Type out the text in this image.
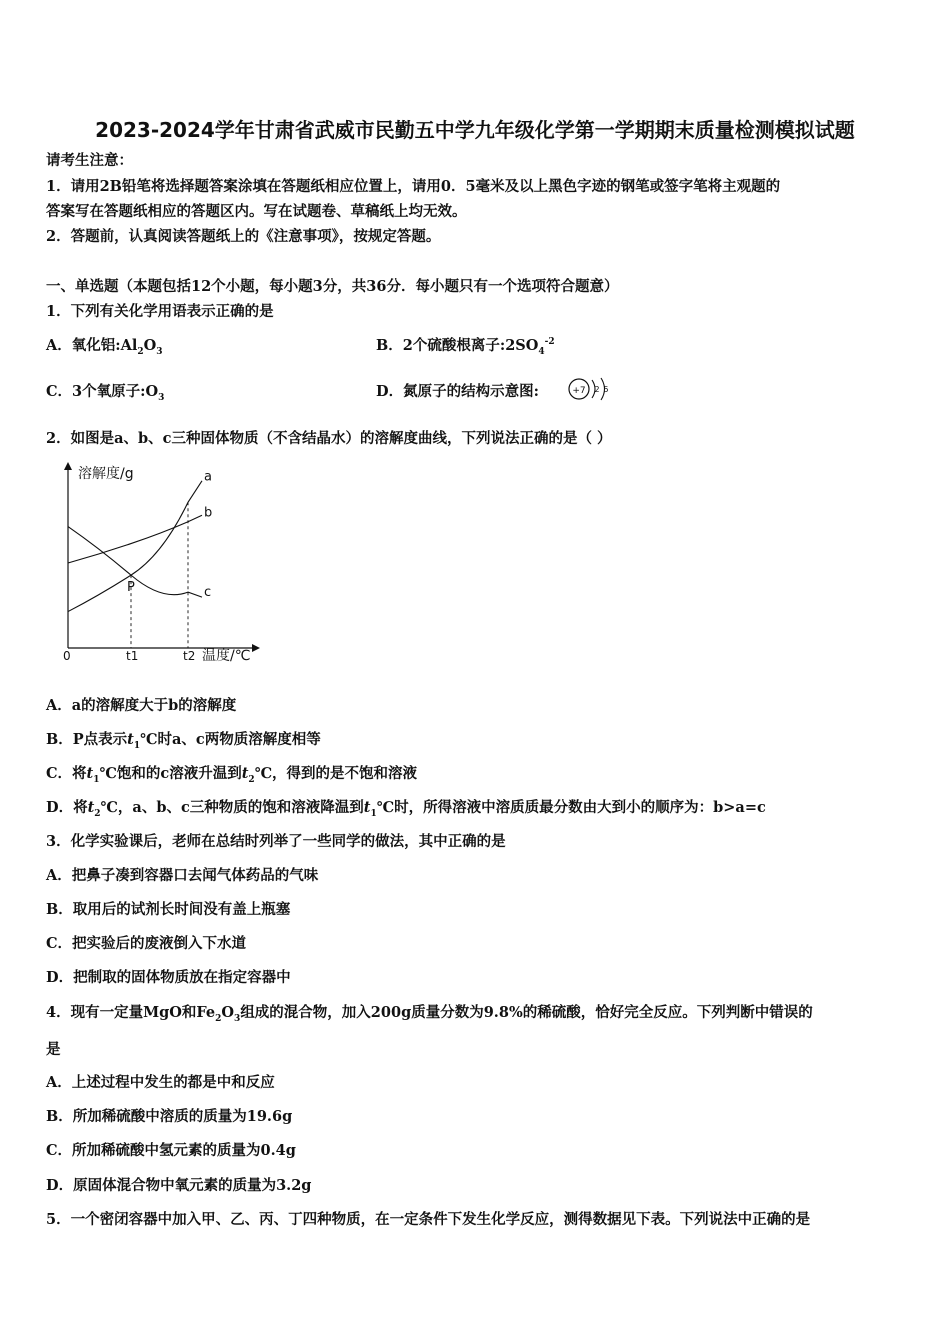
2023-2024学年甘肃省武威市民勤五中学九年级化学第一学期期末质量检测模拟试题
请考生注意：
1．请用2B铅笔将选择题答案涂填在答题纸相应位置上，请用0．5毫米及以上黑色字迹的钢笔或签字笔将主观题的
答案写在答题纸相应的答题区内。写在试题卷、草稿纸上均无效。
2．答题前，认真阅读答题纸上的《注意事项》，按规定答题。
一、单选题（本题包括12个小题，每小题3分，共36分．每小题只有一个选项符合题意）
1．下列有关化学用语表示正确的是
A．氧化铝$:Al_2O_3$	B．2个硫酸根离子$:2SO_4^{-2}$
C．3个氧原子$:O_3$	D．氮原子的结构示意图:	+7 2 5
2．如图是a、b、c三种固体物质（不含结晶水）的溶解度曲线，下列说法正确的是（ ）
溶解度/g
温度/℃
0	t1	t2
a
b
c
P
A．a的溶解度大于b的溶解度
B．P点表示$t_1℃$时a、c两物质溶解度相等
C．将$t_1℃$饱和的c溶液升温到$t_2℃$，得到的是不饱和溶液
D．将$t_2℃$，a、b、c三种物质的饱和溶液降温到$t_1℃$时，所得溶液中溶质质最分数由大到小的顺序为：b>a=c
3．化学实验课后，老师在总结时列举了一些同学的做法，其中正确的是
A．把鼻子凑到容器口去闻气体药品的气味
B．取用后的试剂长时间没有盖上瓶塞
C．把实验后的废液倒入下水道
D．把制取的固体物质放在指定容器中
4．现有一定量MgO和$Fe_2O_3$组成的混合物，加入200g质量分数为9.8%的稀硫酸，恰好完全反应。下列判断中错误的
是
A．上述过程中发生的都是中和反应
B．所加稀硫酸中溶质的质量为19.6g
C．所加稀硫酸中氢元素的质量为0.4g
D．原固体混合物中氧元素的质量为3.2g
5．一个密闭容器中加入甲、乙、丙、丁四种物质，在一定条件下发生化学反应，测得数据见下表。下列说法中正确的是
